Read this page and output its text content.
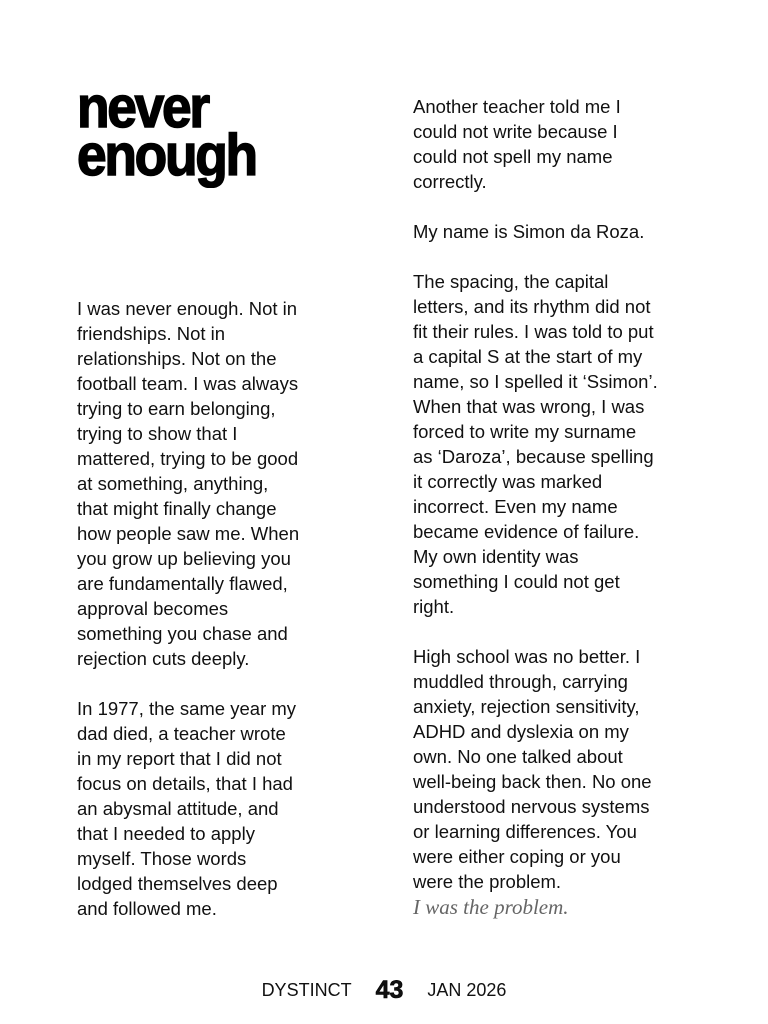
never
enough

I was never enough. Not in
friendships. Not in
relationships. Not on the
football team. I was always
trying to earn belonging,
trying to show that I
mattered, trying to be good
at something, anything,
that might finally change
how people saw me. When
you grow up believing you
are fundamentally flawed,
approval becomes
something you chase and
rejection cuts deeply.

In 1977, the same year my
dad died, a teacher wrote
in my report that I did not
focus on details, that I had
an abysmal attitude, and
that I needed to apply
myself. Those words
lodged themselves deep
and followed me.

Another teacher told me I
could not write because I
could not spell my name
correctly.

My name is Simon da Roza.

The spacing, the capital
letters, and its rhythm did not
fit their rules. I was told to put
a capital S at the start of my
name, so I spelled it ‘Ssimon’.
When that was wrong, I was
forced to write my surname
as ‘Daroza’, because spelling
it correctly was marked
incorrect. Even my name
became evidence of failure.
My own identity was
something I could not get
right.

High school was no better. I
muddled through, carrying
anxiety, rejection sensitivity,
ADHD and dyslexia on my
own. No one talked about
well-being back then. No one
understood nervous systems
or learning differences. You
were either coping or you
were the problem.

I was the problem.
DYSTINCT 43 JAN 2026
